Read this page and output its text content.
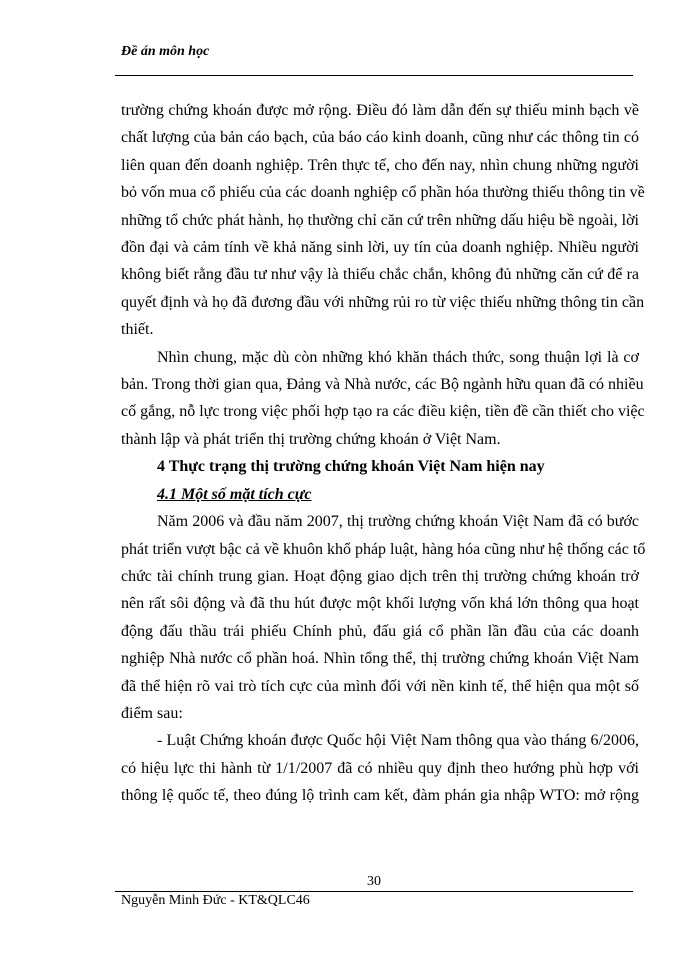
Đề án môn học
trường chứng khoán được mở rộng. Điều đó làm dẫn đến sự thiếu minh bạch về
chất lượng của bản cáo bạch, của báo cáo kinh doanh, cũng như các thông tin có
liên quan đến doanh nghiệp. Trên thực tế, cho đến nay, nhìn chung những người
bỏ vốn mua cổ phiếu của các doanh nghiệp cổ phần hóa thường thiếu thông tin về
những tổ chức phát hành, họ thường chỉ căn cứ trên những dấu hiệu bề ngoài, lời
đồn đại và cảm tính về khả năng sinh lời, uy tín của doanh nghiệp. Nhiều người
không biết rằng đầu tư như vậy là thiếu chắc chắn, không đủ những căn cứ để ra
quyết định và họ đã đương đầu với những rủi ro từ việc thiếu những thông tin cần
thiết.
Nhìn chung, mặc dù còn những khó khăn thách thức, song thuận lợi là cơ
bản. Trong thời gian qua, Đảng và Nhà nước, các Bộ ngành hữu quan đã có nhiều
cố gắng, nỗ lực trong việc phối hợp tạo ra các điều kiện, tiền đề cần thiết cho việc
thành lập và phát triển thị trường chứng khoán ở Việt Nam.
4 Thực trạng thị trường chứng khoán Việt Nam hiện nay
4.1 Một số mặt tích cực
Năm 2006 và đầu năm 2007, thị trường chứng khoán Việt Nam đã có bước
phát triển vượt bậc cả về khuôn khổ pháp luật, hàng hóa cũng như hệ thống các tổ
chức tài chính trung gian. Hoạt động giao dịch trên thị trường chứng khoán trở
nên rất sôi động và đã thu hút được một khối lượng vốn khá lớn thông qua hoạt
động đấu thầu trái phiếu Chính phủ, đấu giá cổ phần lần đầu của các doanh
nghiệp Nhà nước cổ phần hoá. Nhìn tổng thể, thị trường chứng khoán Việt Nam
đã thể hiện rõ vai trò tích cực của mình đối với nền kinh tế, thể hiện qua một số
điểm sau:
- Luật Chứng khoán được Quốc hội Việt Nam thông qua vào tháng 6/2006,
có hiệu lực thi hành từ 1/1/2007 đã có nhiều quy định theo hướng phù hợp với
thông lệ quốc tế, theo đúng lộ trình cam kết, đàm phán gia nhập WTO: mở rộng
30
Nguyễn Minh Đức - KT&QLC46
